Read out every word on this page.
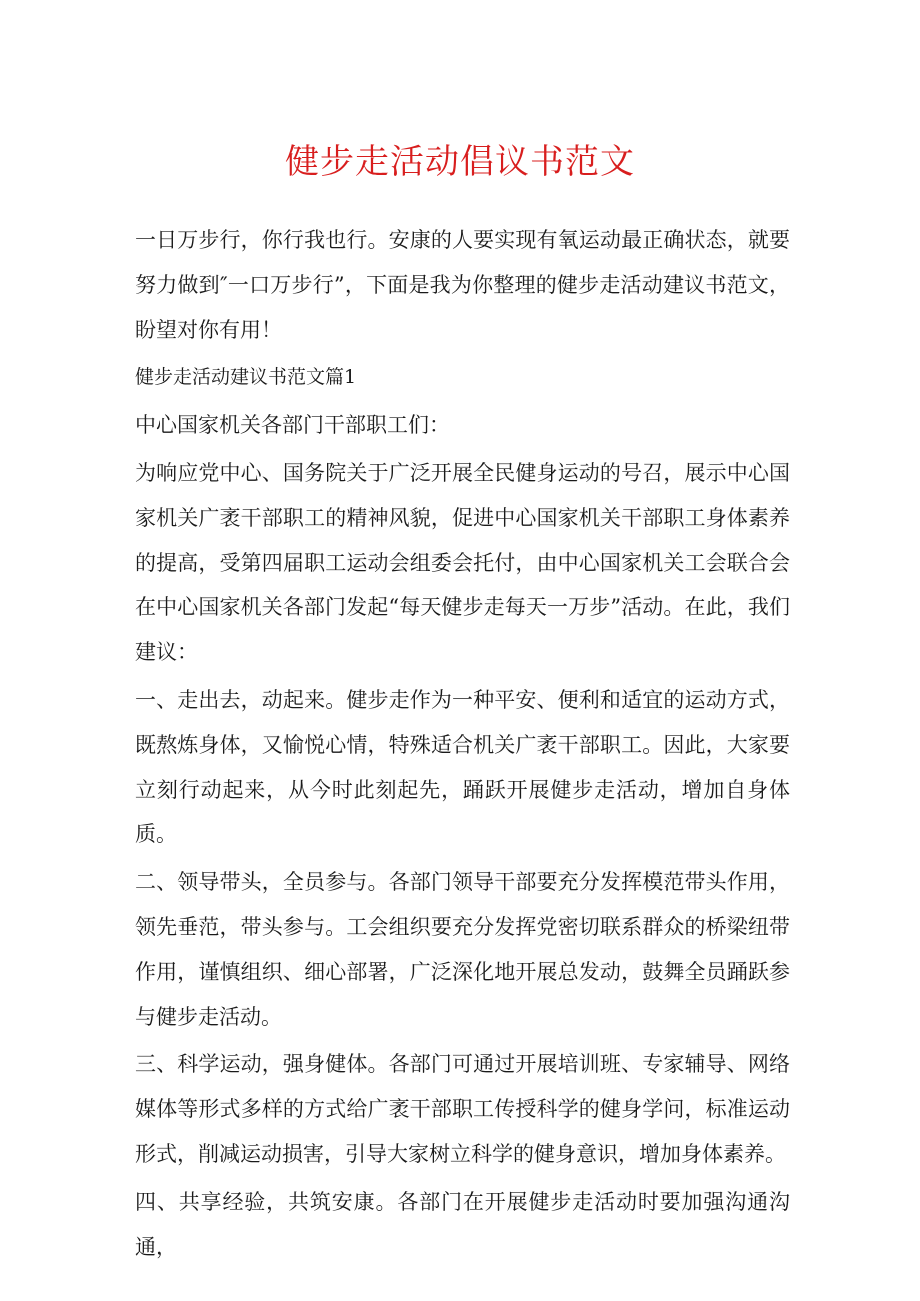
健步走活动倡议书范文

一日万步行，你行我也行。安康的人要实现有氧运动最正确状态，就要努力做到″一口万步行”，下面是我为你整理的健步走活动建议书范文，盼望对你有用！

健步走活动建议书范文篇1

中心国家机关各部门干部职工们：

为响应党中心、国务院关于广泛开展全民健身运动的号召，展示中心国家机关广袤干部职工的精神风貌，促进中心国家机关干部职工身体素养的提高，受第四届职工运动会组委会托付，由中心国家机关工会联合会在中心国家机关各部门发起“每天健步走每天一万步”活动。在此，我们建议：

一、走出去，动起来。健步走作为一种平安、便利和适宜的运动方式，既熬炼身体，又愉悦心情，特殊适合机关广袤干部职工。因此，大家要立刻行动起来，从今时此刻起先，踊跃开展健步走活动，增加自身体质。

二、领导带头，全员参与。各部门领导干部要充分发挥模范带头作用，领先垂范，带头参与。工会组织要充分发挥党密切联系群众的桥梁纽带作用，谨慎组织、细心部署，广泛深化地开展总发动，鼓舞全员踊跃参与健步走活动。

三、科学运动，强身健体。各部门可通过开展培训班、专家辅导、网络媒体等形式多样的方式给广袤干部职工传授科学的健身学问，标准运动形式，削减运动损害，引导大家树立科学的健身意识，增加身体素养。

四、共享经验，共筑安康。各部门在开展健步走活动时要加强沟通沟通，
